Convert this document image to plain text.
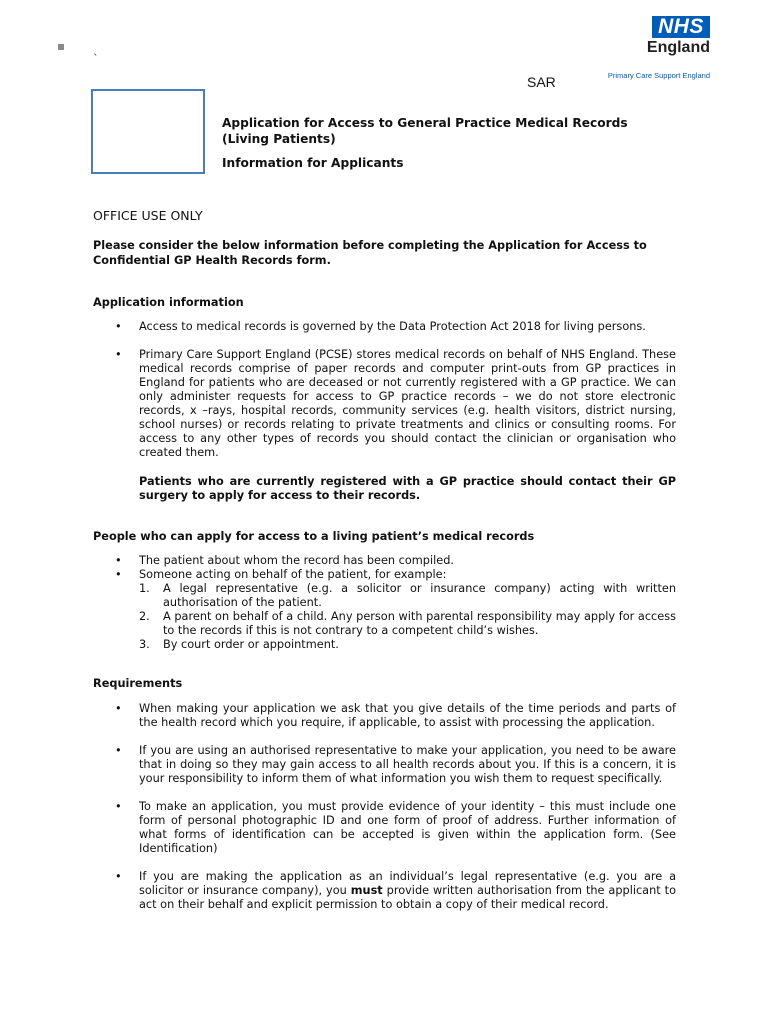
`
NHS
England
Primary Care Support England
SAR
Application for Access to General Practice Medical Records (Living Patients)
Information for Applicants
OFFICE USE ONLY
Please consider the below information before completing the Application for Access to Confidential GP Health Records form.
Application information
• Access to medical records is governed by the Data Protection Act 2018 for living persons.
• Primary Care Support England (PCSE) stores medical records on behalf of NHS England. These medical records comprise of paper records and computer print-outs from GP practices in England for patients who are deceased or not currently registered with a GP practice. We can only administer requests for access to GP practice records – we do not store electronic records, x –rays, hospital records, community services (e.g. health visitors, district nursing, school nurses) or records relating to private treatments and clinics or consulting rooms. For access to any other types of records you should contact the clinician or organisation who created them.
Patients who are currently registered with a GP practice should contact their GP surgery to apply for access to their records.
People who can apply for access to a living patient’s medical records
• The patient about whom the record has been compiled.
• Someone acting on behalf of the patient, for example:
1. A legal representative (e.g. a solicitor or insurance company) acting with written authorisation of the patient.
2. A parent on behalf of a child. Any person with parental responsibility may apply for access to the records if this is not contrary to a competent child’s wishes.
3. By court order or appointment.
Requirements
• When making your application we ask that you give details of the time periods and parts of the health record which you require, if applicable, to assist with processing the application.
• If you are using an authorised representative to make your application, you need to be aware that in doing so they may gain access to all health records about you. If this is a concern, it is your responsibility to inform them of what information you wish them to request specifically.
• To make an application, you must provide evidence of your identity – this must include one form of personal photographic ID and one form of proof of address. Further information of what forms of identification can be accepted is given within the application form. (See Identification)
• If you are making the application as an individual’s legal representative (e.g. you are a solicitor or insurance company), you must provide written authorisation from the applicant to act on their behalf and explicit permission to obtain a copy of their medical record.
